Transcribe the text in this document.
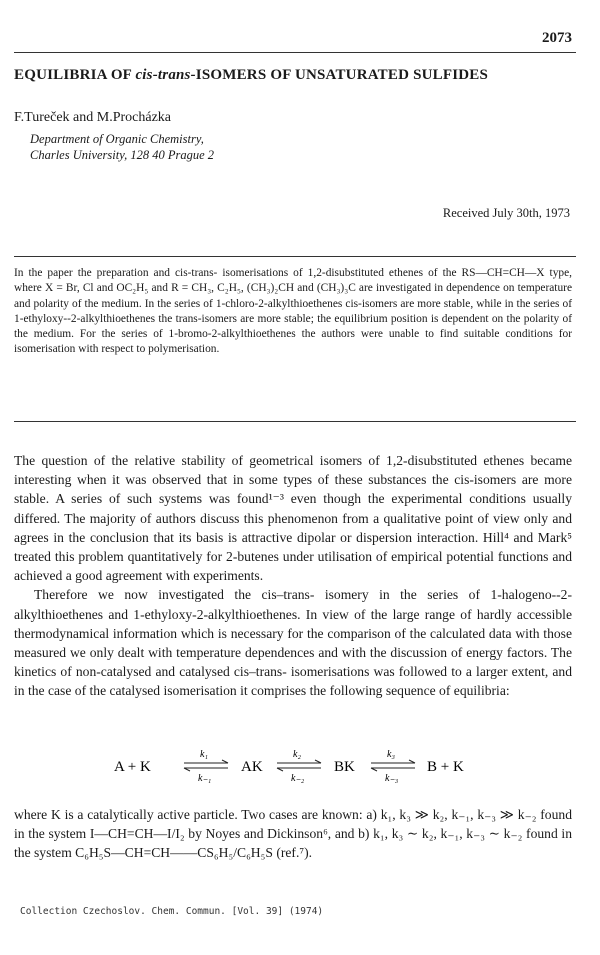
2073
EQUILIBRIA OF cis-trans-ISOMERS OF UNSATURATED SULFIDES
F.Tureček and M.Procházka
Department of Organic Chemistry,
Charles University, 128 40 Prague 2
Received July 30th, 1973

In the paper the preparation and cis-trans- isomerisations of 1,2-disubstituted ethenes of the RS—CH=CH—X type, where X = Br, Cl and OC₂H₅ and R = CH₃, C₂H₅, (CH₃)₂CH and (CH₃)₃C are investigated in dependence on temperature and polarity of the medium. In the series of 1-chloro-2-alkylthioethenes cis-isomers are more stable, while in the series of 1-ethyloxy--2-alkylthioethenes the trans-isomers are more stable; the equilibrium position is dependent on the polarity of the medium. For the series of 1-bromo-2-alkylthioethenes the authors were unable to find suitable conditions for isomerisation with respect to polymerisation.

The question of the relative stability of geometrical isomers of 1,2-disubstituted ethenes became interesting when it was observed that in some types of these substances the cis-isomers are more stable. A series of such systems was found¹⁻³ even though the experimental conditions usually differed. The majority of authors discuss this phenomenon from a qualitative point of view only and agrees in the conclusion that its basis is attractive dipolar or dispersion interaction. Hill⁴ and Mark⁵ treated this problem quantitatively for 2-butenes under utilisation of empirical potential functions and achieved a good agreement with experiments.

Therefore we now investigated the cis–trans- isomery in the series of 1-halogeno--2-alkylthioethenes and 1-ethyloxy-2-alkylthioethenes. In view of the large range of hardly accessible thermodynamical information which is necessary for the comparison of the calculated data with those measured we only dealt with temperature dependences and with the discussion of energy factors. The kinetics of non-catalysed and catalysed cis–trans- isomerisations was followed to a larger extent, and in the case of the catalysed isomerisation it comprises the following sequence of equilibria:

A + K	AK	BK	B + K
k₁
k₋₁
k₂
k₋₂
k₃
k₋₃

where K is a catalytically active particle. Two cases are known: a) k₁, k₃ ≫ k₂, k₋₁, k₋₃ ≫ k₋₂ found in the system I—CH=CH—I/I₂ by Noyes and Dickinson⁶, and b) k₁, k₃ ∼ k₂, k₋₁, k₋₃ ∼ k₋₂ found in the system C₆H₅S—CH=CH——CS₆H₅/C₆H₅S (ref.⁷).

Collection Czechoslov. Chem. Commun. [Vol. 39] (1974)
